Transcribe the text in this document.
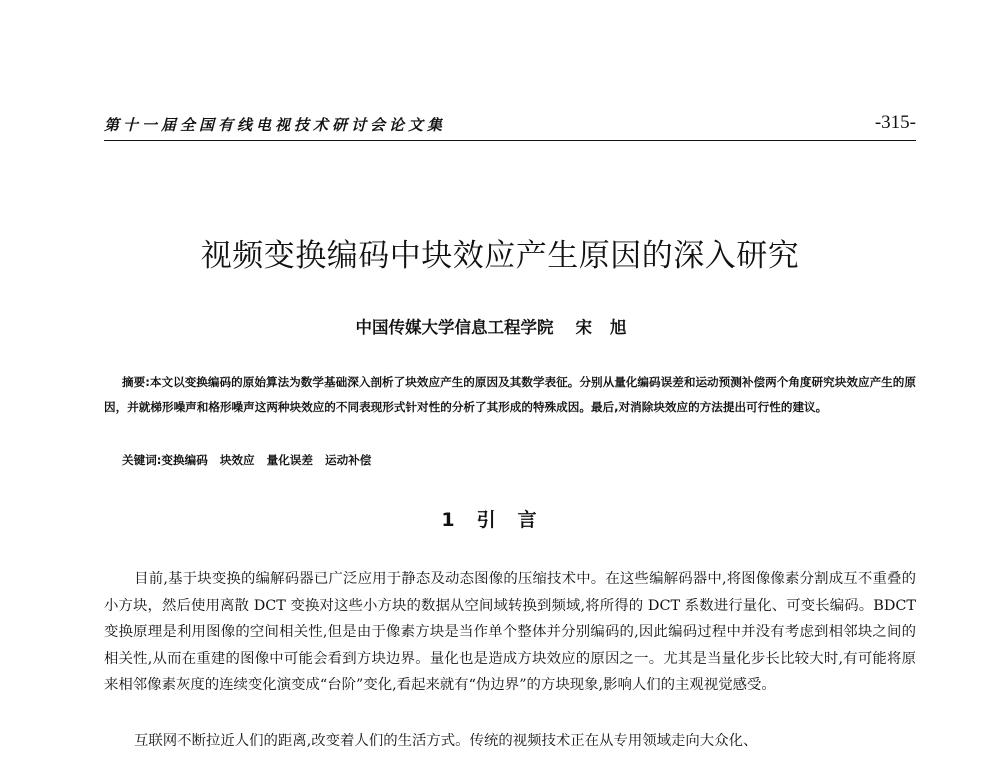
第十一届全国有线电视技术研讨会论文集	-315-
视频变换编码中块效应产生原因的深入研究
中国传媒大学信息工程学院 宋旭

摘要:本文以变换编码的原始算法为数学基础深入剖析了块效应产生的原因及其数学表征。分别从量化编码误差和运动预测补偿两个角度研究块效应产生的原因，并就梯形噪声和格形噪声这两种块效应的不同表现形式针对性的分析了其形成的特殊成因。最后,对消除块效应的方法提出可行性的建议。

关键词:变换编码 块效应 量化误差 运动补偿
1 引言

目前,基于块变换的编解码器已广泛应用于静态及动态图像的压缩技术中。在这些编解码器中,将图像像素分割成互不重叠的小方块，然后使用离散 DCT 变换对这些小方块的数据从空间域转换到频域,将所得的 DCT 系数进行量化、可变长编码。BDCT 变换原理是利用图像的空间相关性,但是由于像素方块是当作单个整体并分别编码的,因此编码过程中并没有考虑到相邻块之间的相关性,从而在重建的图像中可能会看到方块边界。量化也是造成方块效应的原因之一。尤其是当量化步长比较大时,有可能将原来相邻像素灰度的连续变化演变成“台阶”变化,看起来就有“伪边界”的方块现象,影响人们的主观视觉感受。

互联网不断拉近人们的距离,改变着人们的生活方式。传统的视频技术正在从专用领域走向大众化、
